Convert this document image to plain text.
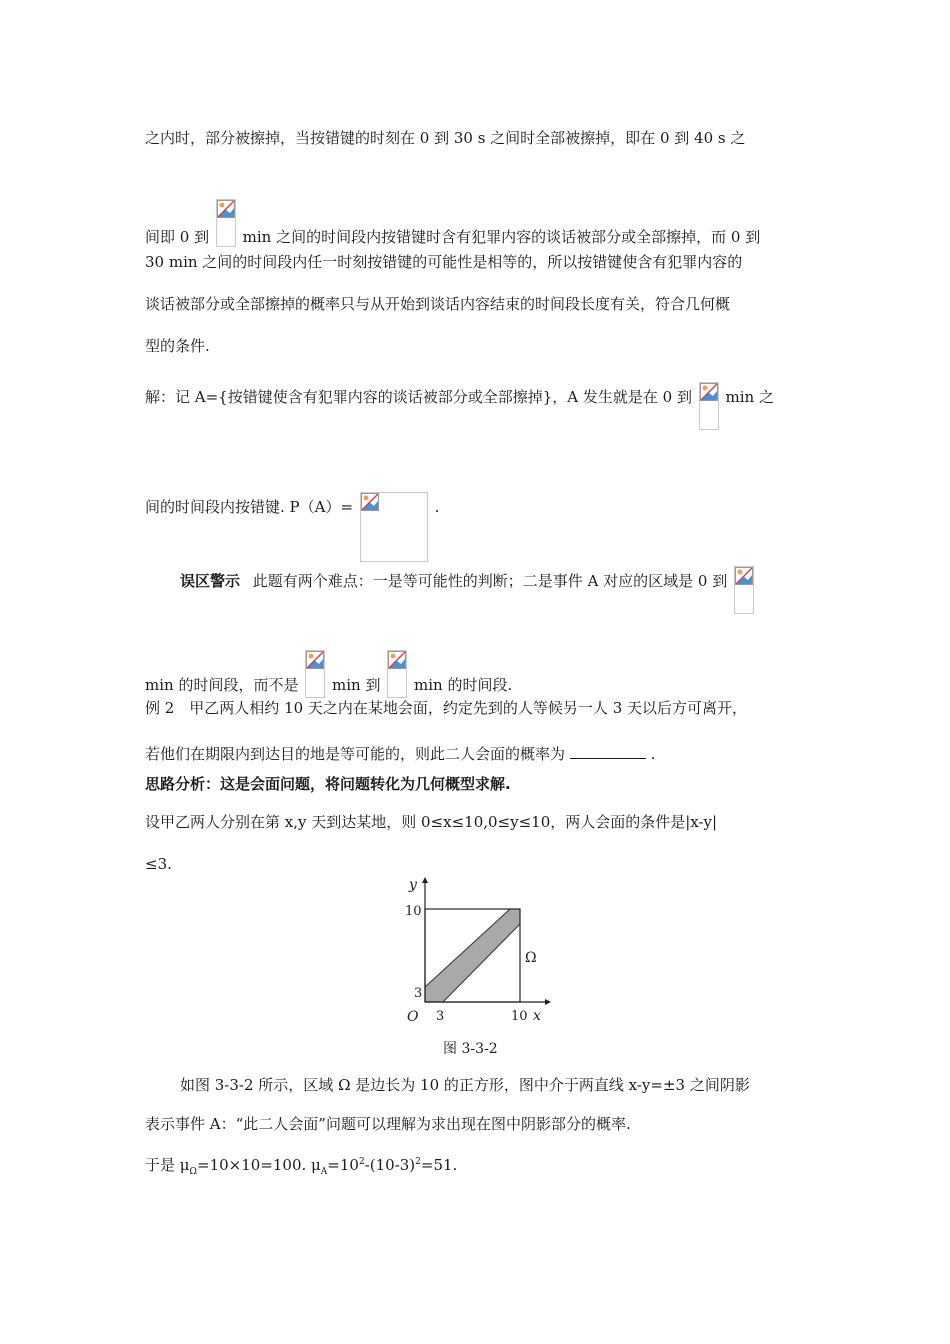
之内时，部分被擦掉，当按错键的时刻在 0 到 30 s 之间时全部被擦掉，即在 0 到 40 s 之
间即 0 到 min 之间的时间段内按错键时含有犯罪内容的谈话被部分或全部擦掉，而 0 到
30 min 之间的时间段内任一时刻按错键的可能性是相等的，所以按错键使含有犯罪内容的
谈话被部分或全部擦掉的概率只与从开始到谈话内容结束的时间段长度有关，符合几何概
型的条件.
解：记 A={按错键使含有犯罪内容的谈话被部分或全部擦掉}，A 发生就是在 0 到 min 之
间的时间段内按错键. P（A）=	.
误区警示 此题有两个难点：一是等可能性的判断；二是事件 A 对应的区域是 0 到
min 的时间段，而不是 min 到 min 的时间段.
例 2　甲乙两人相约 10 天之内在某地会面，约定先到的人等候另一人 3 天以后方可离开，
若他们在期限内到达目的地是等可能的，则此二人会面的概率为	.
思路分析：这是会面问题，将问题转化为几何概型求解.
设甲乙两人分别在第 x,y 天到达某地，则 0≤x≤10,0≤y≤10，两人会面的条件是|x-y|
≤3.
y
x
10
3
O 3	10
Ω
图 3-3-2
如图 3-3-2 所示，区域 Ω 是边长为 10 的正方形，图中介于两直线 x-y=±3 之间阴影
表示事件 A：“此二人会面”问题可以理解为求出现在图中阴影部分的概率.
于是 $\mu_\Omega=10\times 10=100$. $\mu_A=10^2-(10-3)^2=51$.
